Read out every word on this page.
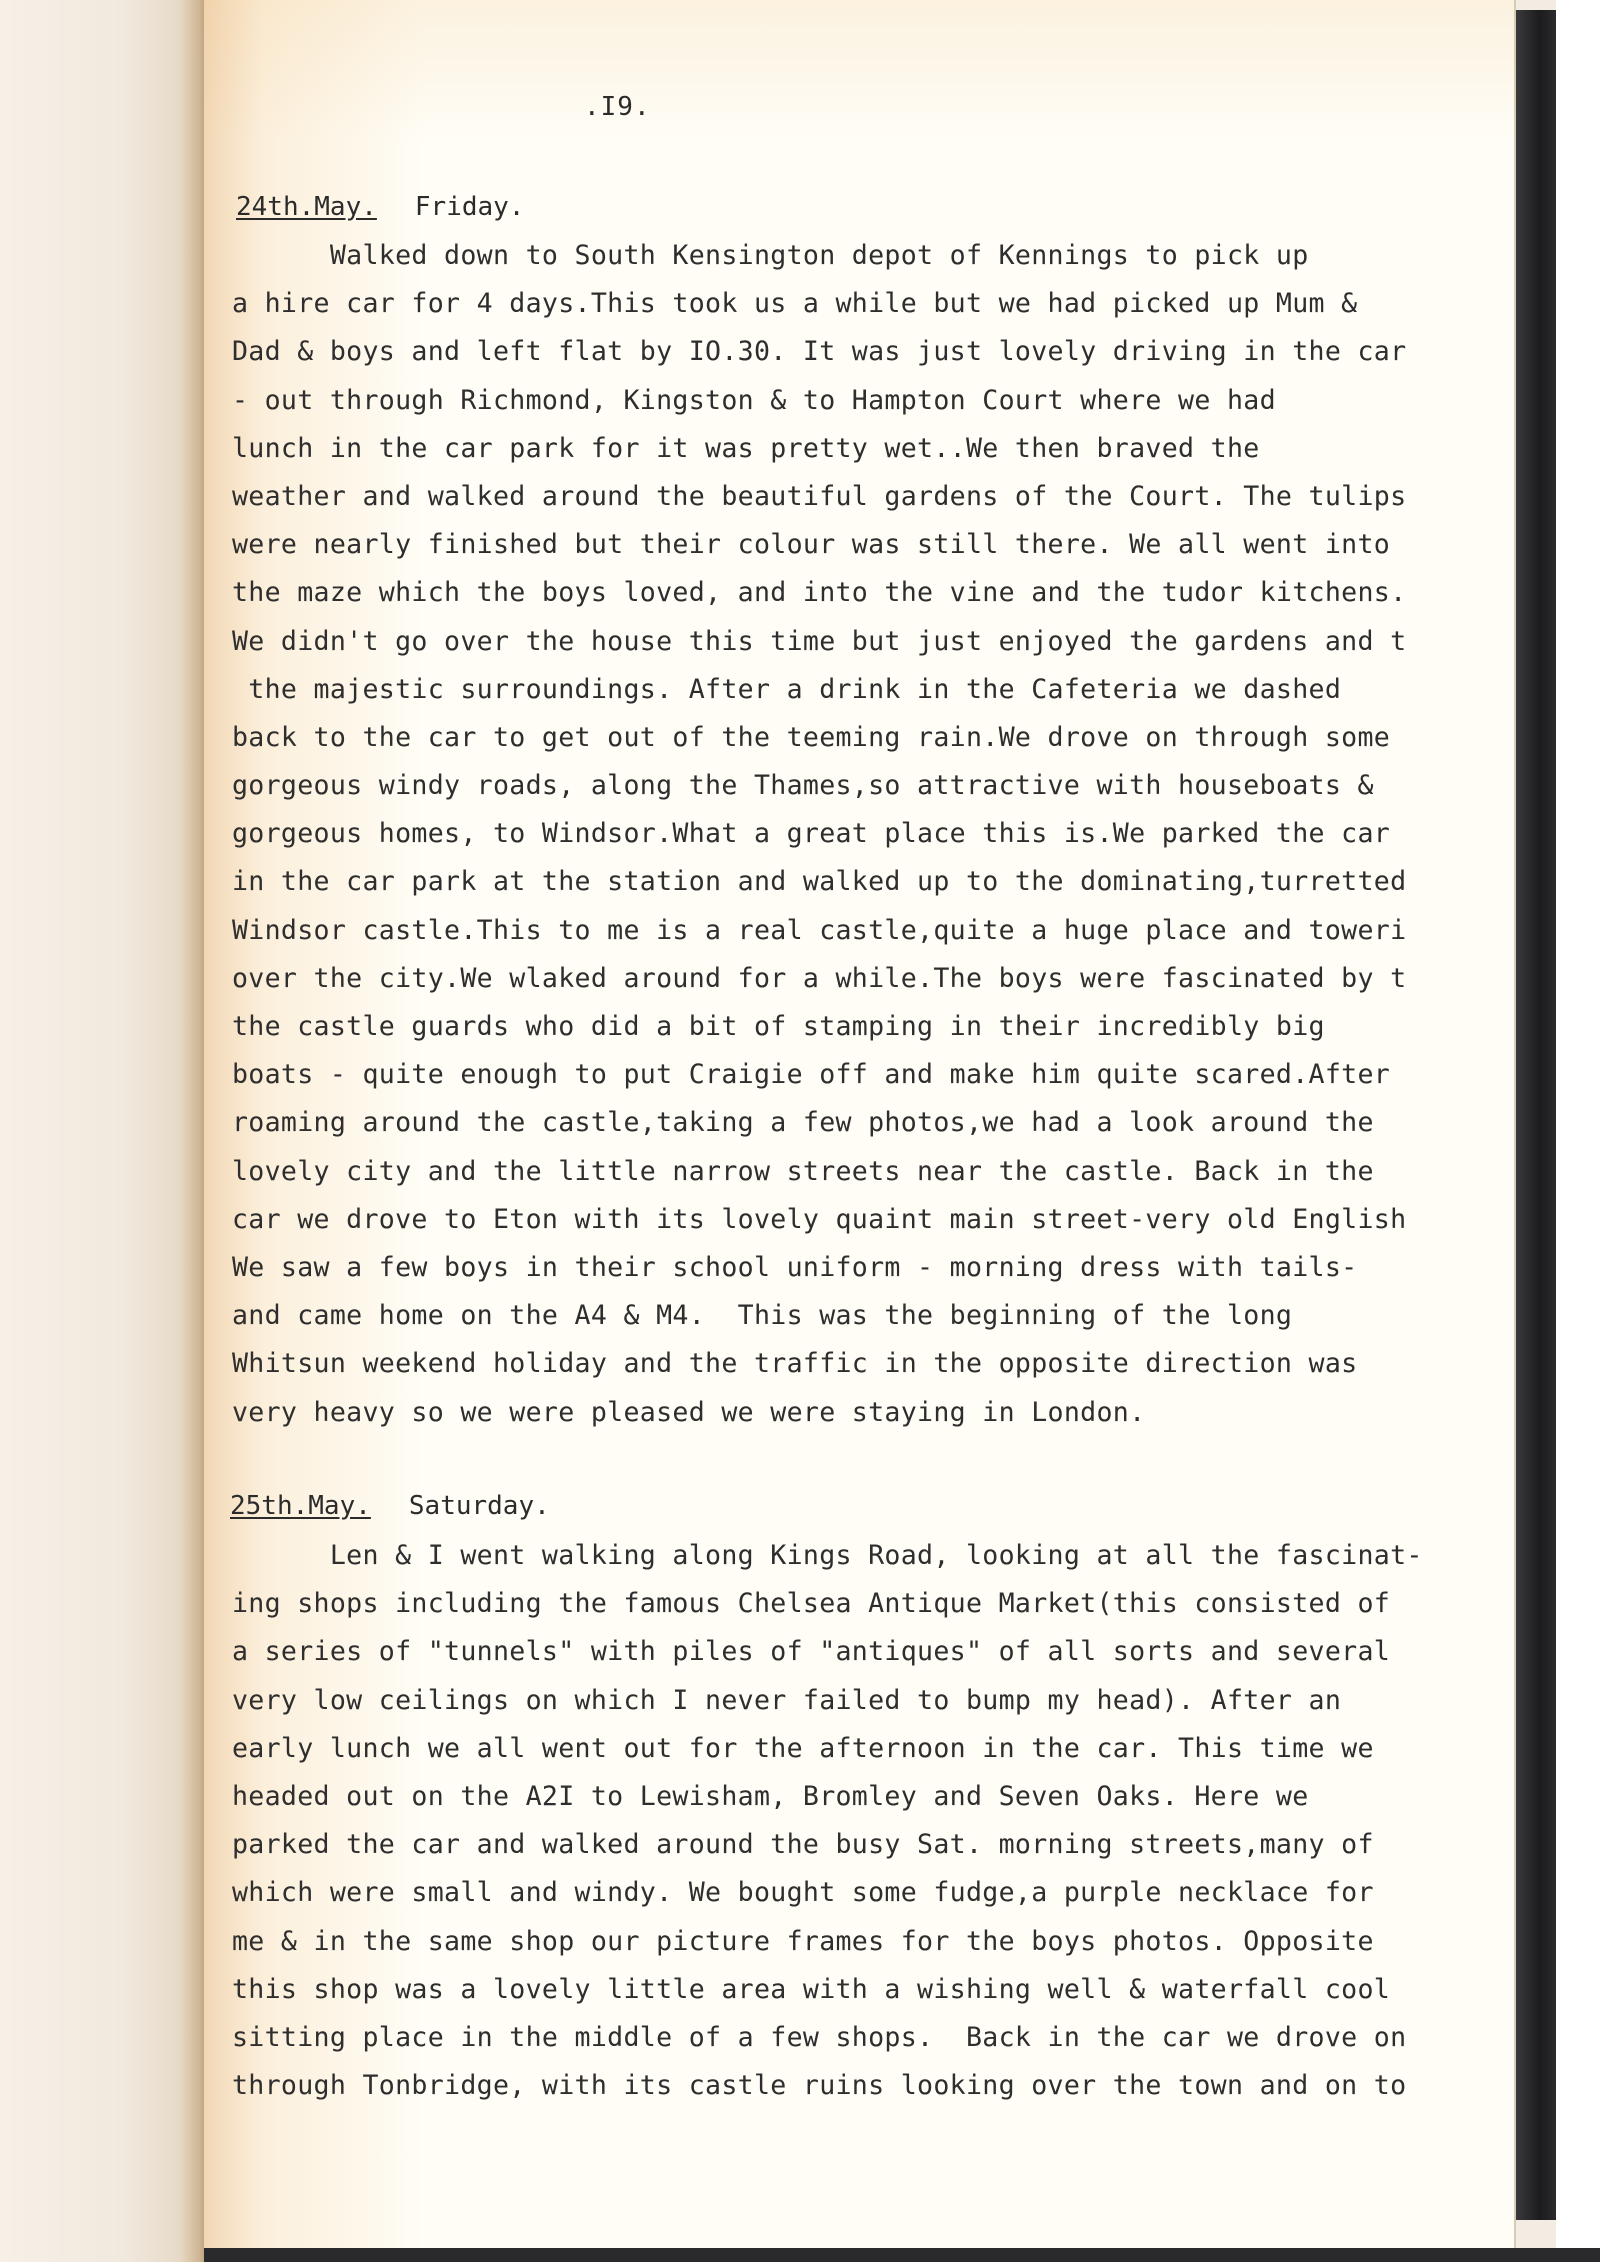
.I9.
24th.May. Friday.
Walked down to South Kensington depot of Kennings to pick up
a hire car for 4 days.This took us a while but we had picked up Mum &
Dad & boys and left flat by IO.30. It was just lovely driving in the car
- out through Richmond, Kingston & to Hampton Court where we had
lunch in the car park for it was pretty wet..We then braved the
weather and walked around the beautiful gardens of the Court. The tulips
were nearly finished but their colour was still there. We all went into
the maze which the boys loved, and into the vine and the tudor kitchens.
We didn't go over the house this time but just enjoyed the gardens and t
the majestic surroundings. After a drink in the Cafeteria we dashed
back to the car to get out of the teeming rain.We drove on through some
gorgeous windy roads, along the Thames,so attractive with houseboats &
gorgeous homes, to Windsor.What a great place this is.We parked the car
in the car park at the station and walked up to the dominating,turretted
Windsor castle.This to me is a real castle,quite a huge place and toweri
over the city.We wlaked around for a while.The boys were fascinated by t
the castle guards who did a bit of stamping in their incredibly big
boats - quite enough to put Craigie off and make him quite scared.After
roaming around the castle,taking a few photos,we had a look around the
lovely city and the little narrow streets near the castle. Back in the
car we drove to Eton with its lovely quaint main street-very old English
We saw a few boys in their school uniform - morning dress with tails-
and came home on the A4 & M4.  This was the beginning of the long
Whitsun weekend holiday and the traffic in the opposite direction was
very heavy so we were pleased we were staying in London.
25th.May. Saturday.
Len & I went walking along Kings Road, looking at all the fascinat-
ing shops including the famous Chelsea Antique Market(this consisted of
a series of "tunnels" with piles of "antiques" of all sorts and several
very low ceilings on which I never failed to bump my head). After an
early lunch we all went out for the afternoon in the car. This time we
headed out on the A2I to Lewisham, Bromley and Seven Oaks. Here we
parked the car and walked around the busy Sat. morning streets,many of
which were small and windy. We bought some fudge,a purple necklace for
me & in the same shop our picture frames for the boys photos. Opposite
this shop was a lovely little area with a wishing well & waterfall cool
sitting place in the middle of a few shops.  Back in the car we drove on
through Tonbridge, with its castle ruins looking over the town and on to
